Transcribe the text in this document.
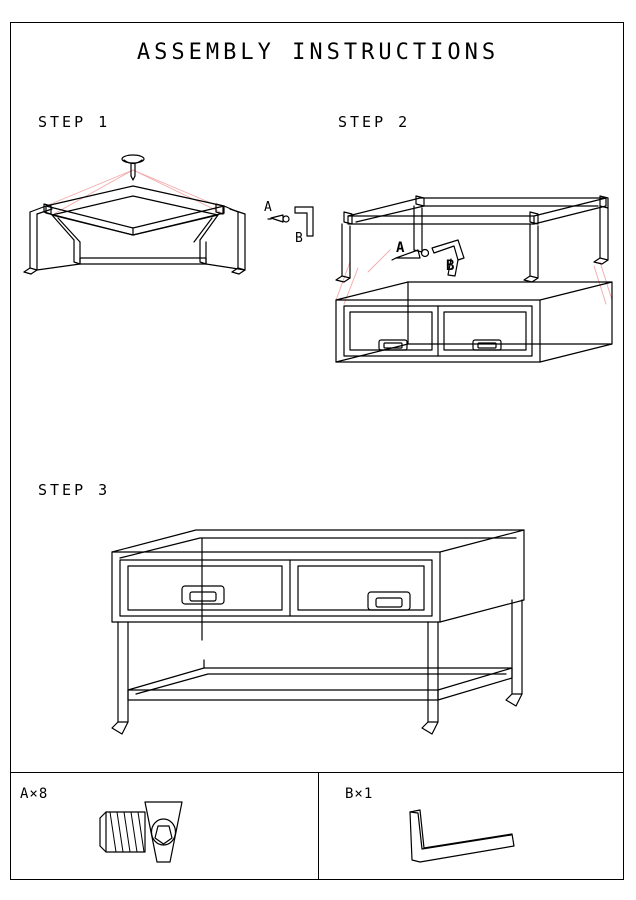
ASSEMBLY INSTRUCTIONS
STEP 1	STEP 2
STEP 3
A
B
A
B
A×8	B×1
